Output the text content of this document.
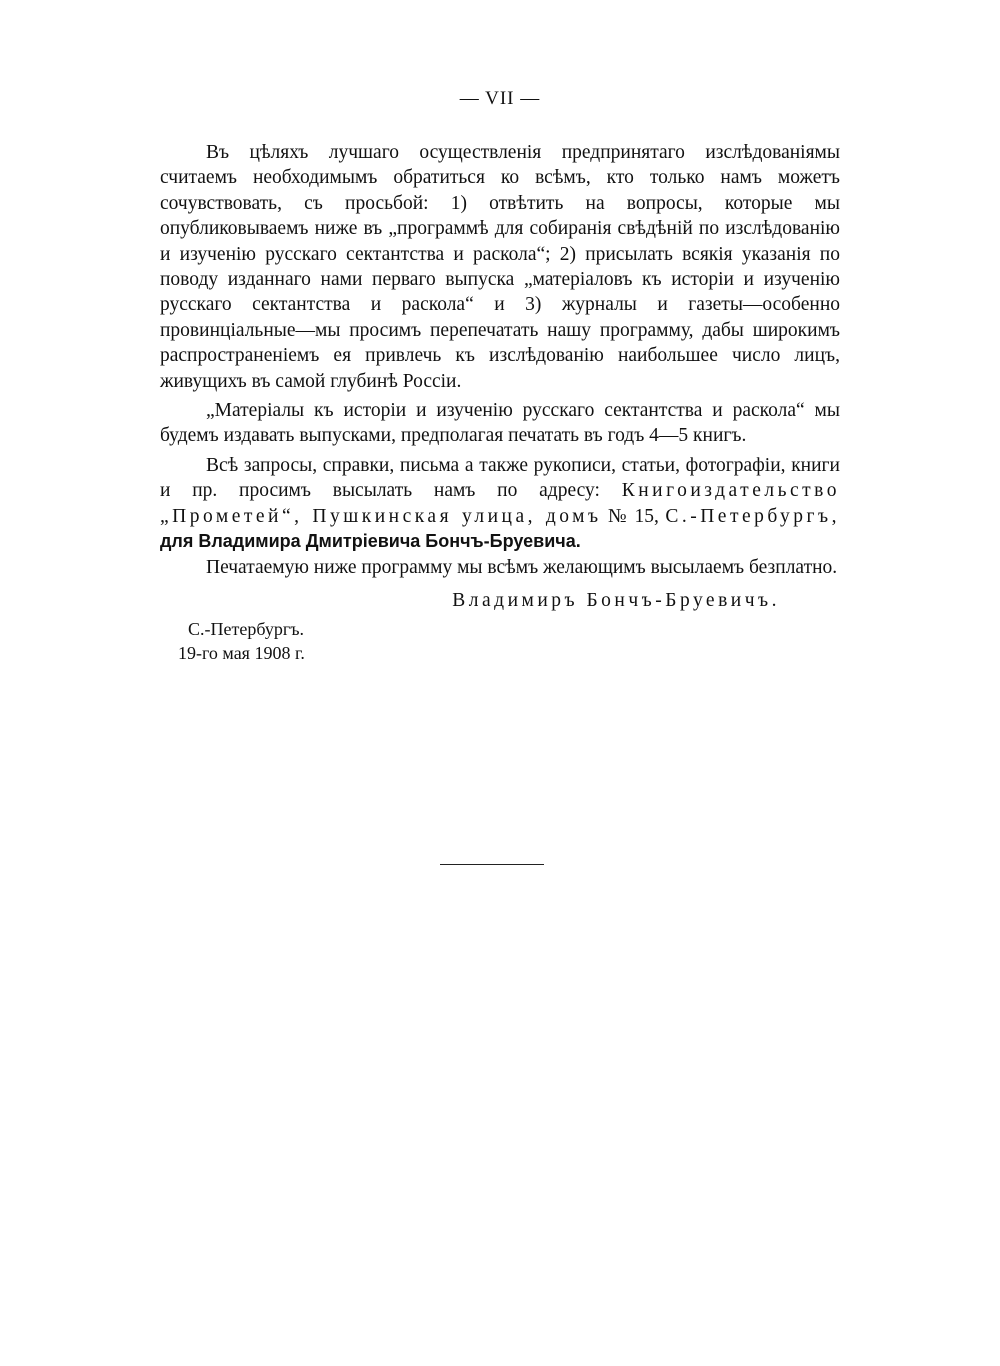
— VII —

Въ цѣляхъ лучшаго осуществленія предпринятаго изслѣдованіямы считаемъ необходимымъ обратиться ко всѣмъ, кто только намъ можетъ сочувствовать, съ просьбой: 1) отвѣтить на вопросы, которые мы опубликовываемъ ниже въ „программѣ для собиранія свѣдѣній по изслѣдованію и изученію русскаго сектантства и раскола“; 2) присылать всякія указанія по поводу изданнаго нами перваго выпуска „матеріаловъ къ исторіи и изученію русскаго сектантства и раскола“ и 3) журналы и газеты—особенно провинціальные—мы просимъ перепечатать нашу программу, дабы широкимъ распространеніемъ ея привлечь къ изслѣдованію наибольшее число лицъ, живущихъ въ самой глубинѣ Россіи.

„Матеріалы къ исторіи и изученію русскаго сектантства и раскола“ мы будемъ издавать выпусками, предполагая печатать въ годъ 4—5 книгъ.

Всѣ запросы, справки, письма а также рукописи, статьи, фотографіи, книги и пр. просимъ высылать намъ по адресу: Книгоиздательство „Прометей“, Пушкинская улица, домъ № 15, С.-Петербургъ, для Владимира Дмитріевича Бончъ-Бруевича.

Печатаемую ниже программу мы всѣмъ желающимъ высылаемъ безплатно.

Владимиръ Бончъ-Бруевичъ.
С.-Петербургъ.
19-го мая 1908 г.
